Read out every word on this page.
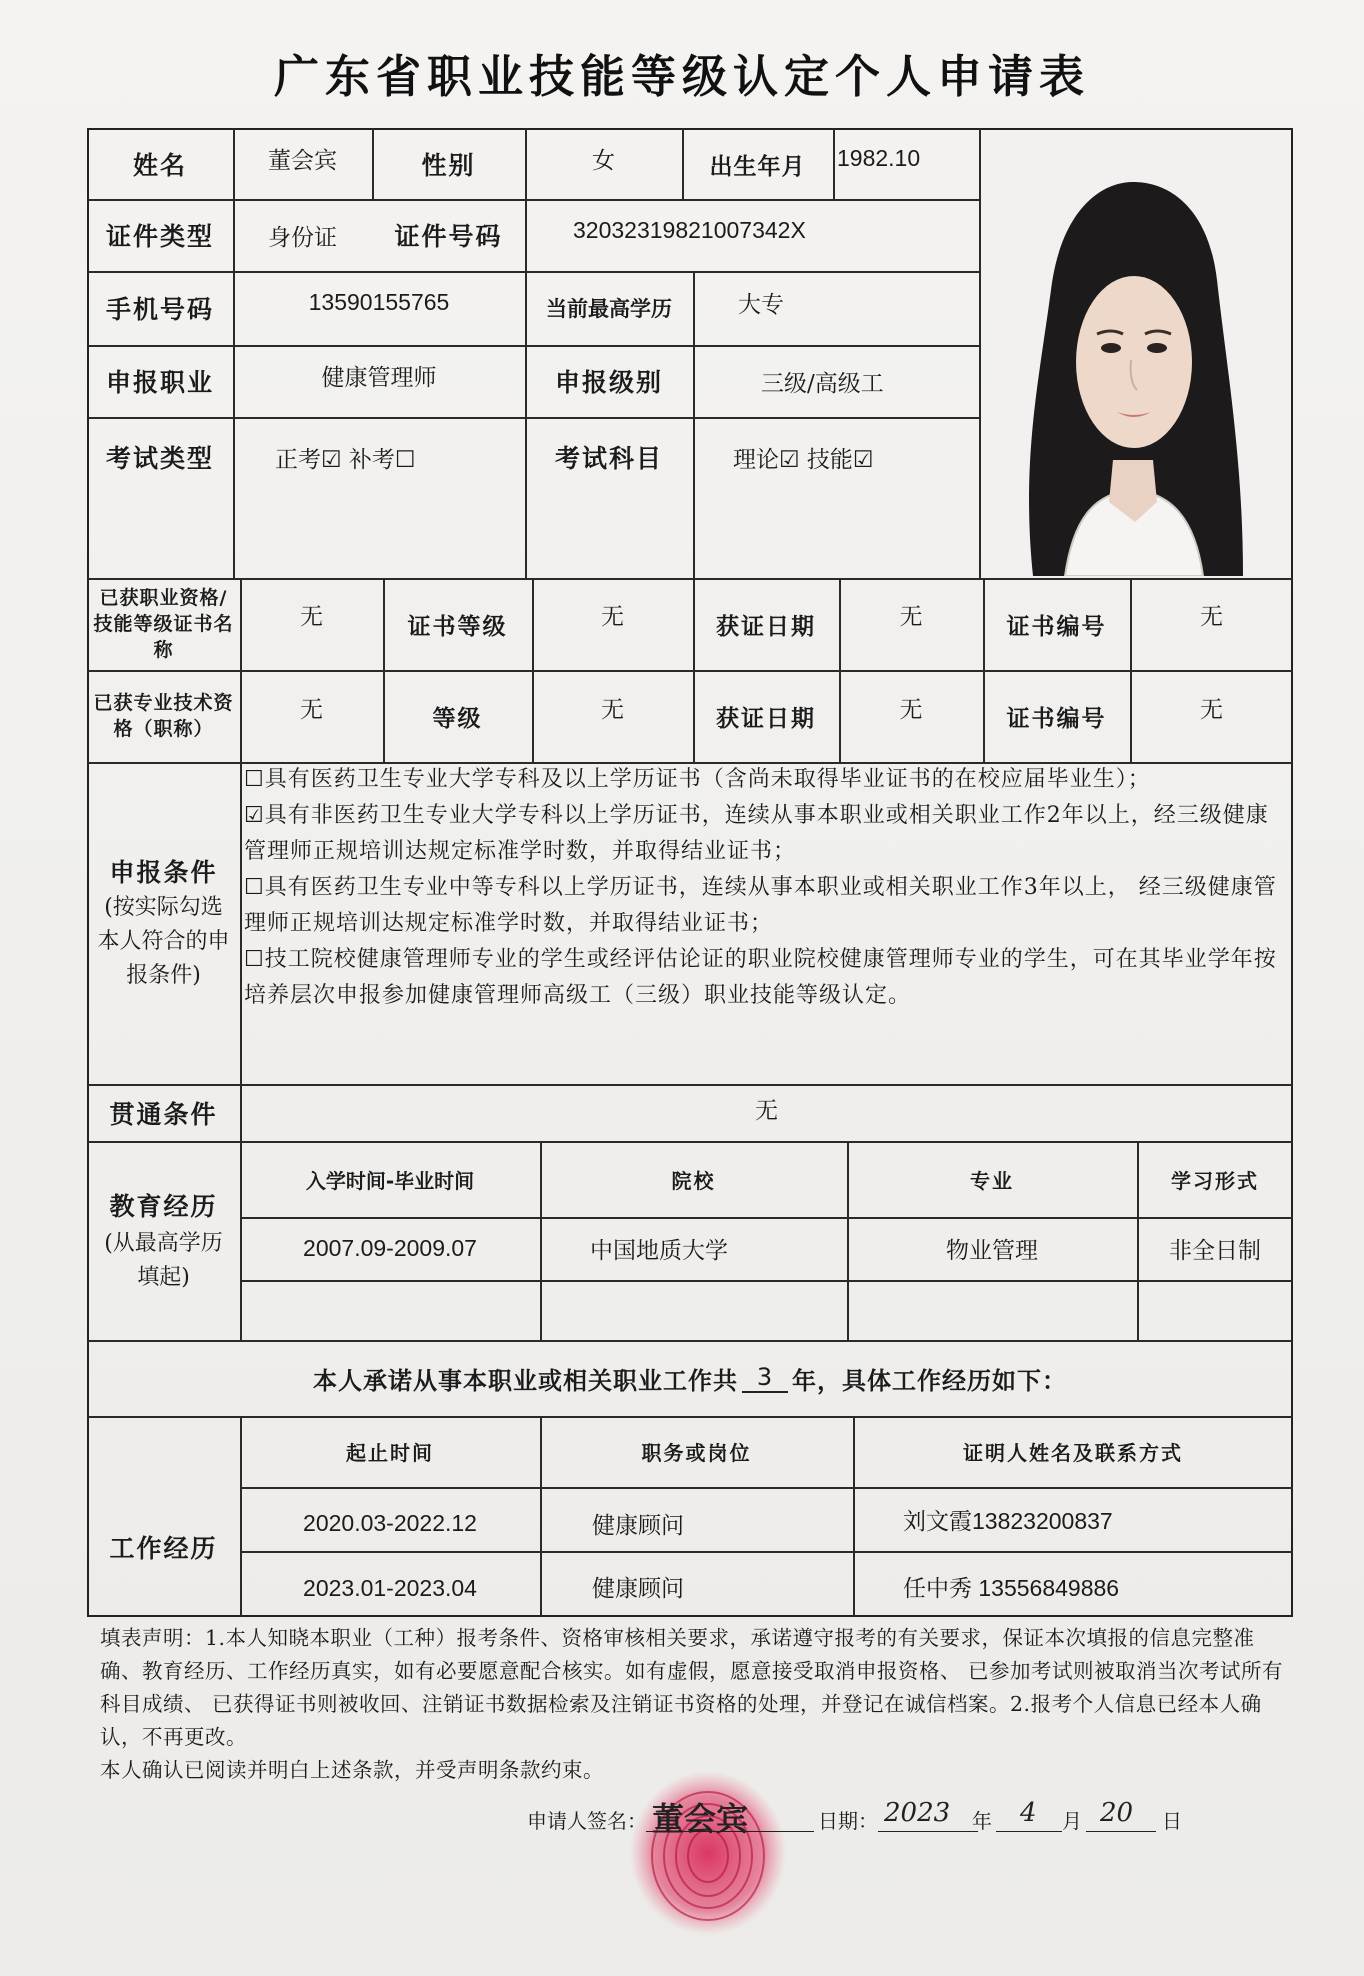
广东省职业技能等级认定个人申请表
姓名	董会宾	性别	女	出生年月	1982.10
证件类型	身份证	证件号码	32032319821007342X
手机号码	13590155765	当前最高学历	大专
申报职业	健康管理师	申报级别	三级/高级工
考试类型	正考☑ 补考☐	考试科目	理论☑ 技能☑
已获职业资格/技能等级证书名称
无	证书等级	无	获证日期	无	证书编号	无
已获专业技术资格（职称）
无	等级	无	获证日期	无	证书编号	无
申报条件
(按实际勾选本人符合的申报条件)

☐具有医药卫生专业大学专科及以上学历证书（含尚未取得毕业证书的在校应届毕业生）；

☑具有非医药卫生专业大学专科以上学历证书，连续从事本职业或相关职业工作2年以上，经三级健康管理师正规培训达规定标准学时数，并取得结业证书；

☐具有医药卫生专业中等专科以上学历证书，连续从事本职业或相关职业工作3年以上， 经三级健康管理师正规培训达规定标准学时数，并取得结业证书；

☐技工院校健康管理师专业的学生或经评估论证的职业院校健康管理师专业的学生，可在其毕业学年按培养层次申报参加健康管理师高级工（三级）职业技能等级认定。

贯通条件	无
教育经历
(从最高学历填起)
入学时间-毕业时间	院校	专业	学习形式
2007.09-2009.07	中国地质大学	物业管理	非全日制
本人承诺从事本职业或相关职业工作共 3 年，具体工作经历如下：
工作经历
起止时间	职务或岗位	证明人姓名及联系方式
2020.03-2022.12	健康顾问	刘文霞13823200837
2023.01-2023.04	健康顾问	任中秀 13556849886

填表声明：1.本人知晓本职业（工种）报考条件、资格审核相关要求，承诺遵守报考的有关要求，保证本次填报的信息完整准确、教育经历、工作经历真实，如有必要愿意配合核实。如有虚假，愿意接受取消申报资格、 已参加考试则被取消当次考试所有科目成绩、 已获得证书则被收回、注销证书数据检索及注销证书资格的处理，并登记在诚信档案。2.报考个人信息已经本人确认，不再更改。

本人确认已阅读并明白上述条款，并受声明条款约束。

申请人签名： 董会宾	日期： 2023 年 4 月 20 日
